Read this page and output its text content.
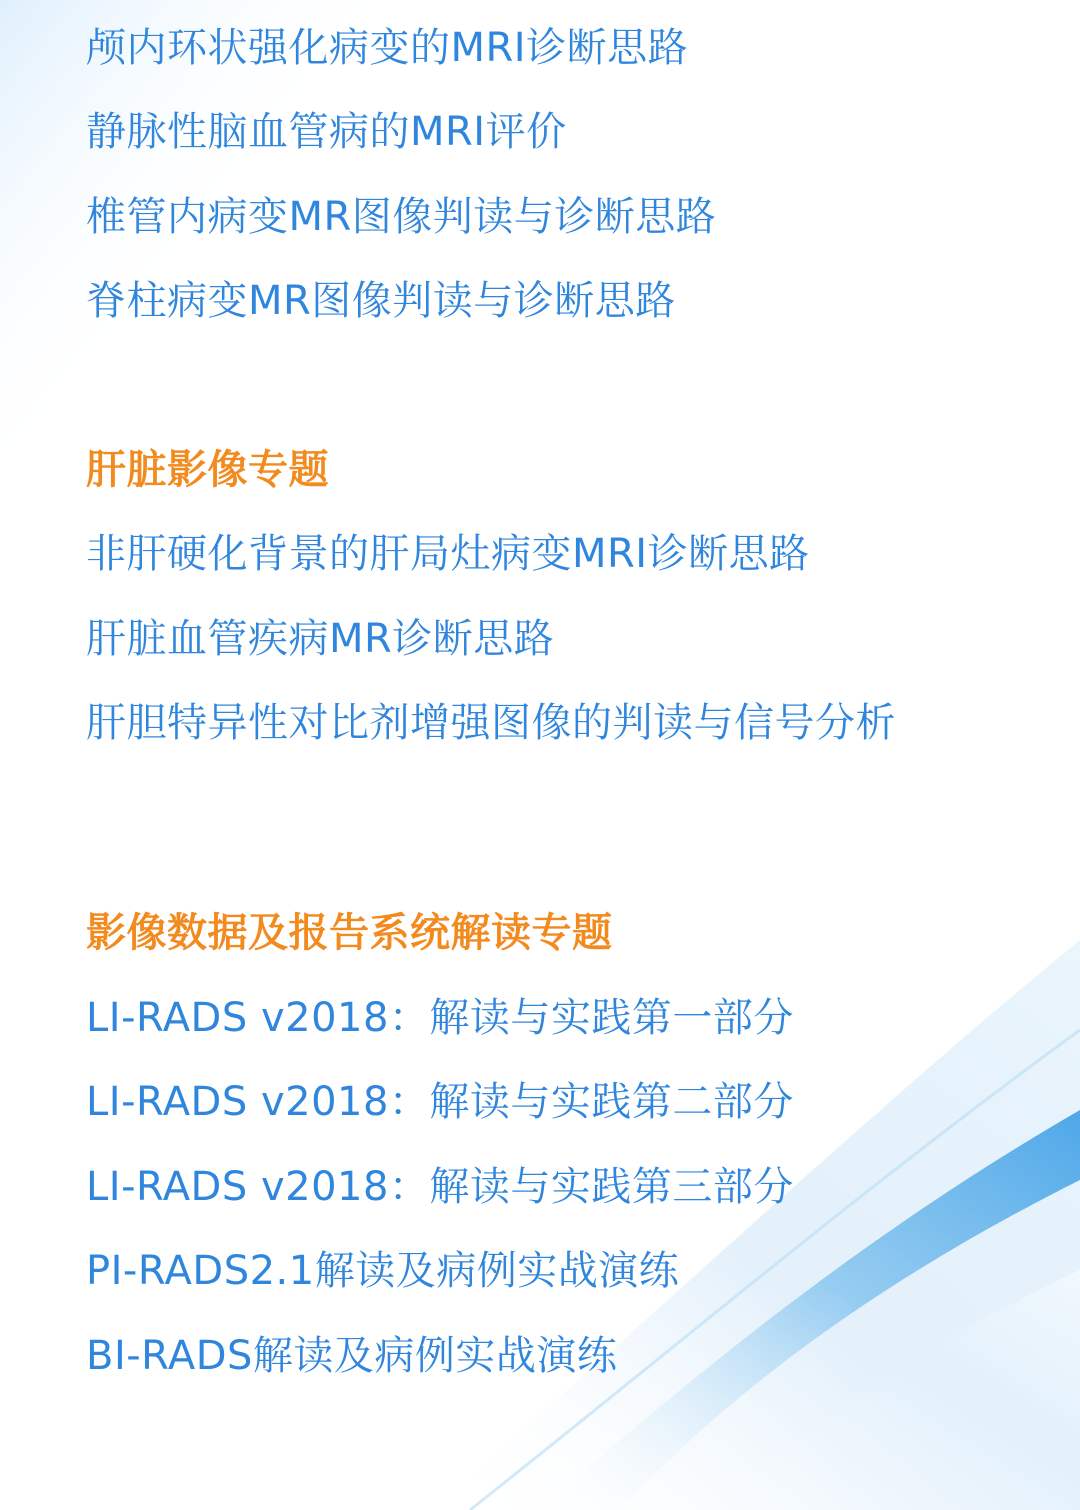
颅内环状强化病变的MRI诊断思路
静脉性脑血管病的MRI评价
椎管内病变MR图像判读与诊断思路
脊柱病变MR图像判读与诊断思路
肝脏影像专题
非肝硬化背景的肝局灶病变MRI诊断思路
肝脏血管疾病MR诊断思路
肝胆特异性对比剂增强图像的判读与信号分析
影像数据及报告系统解读专题
LI-RADS v2018：解读与实践第一部分
LI-RADS v2018：解读与实践第二部分
LI-RADS v2018：解读与实践第三部分
PI-RADS2.1解读及病例实战演练
BI-RADS解读及病例实战演练
